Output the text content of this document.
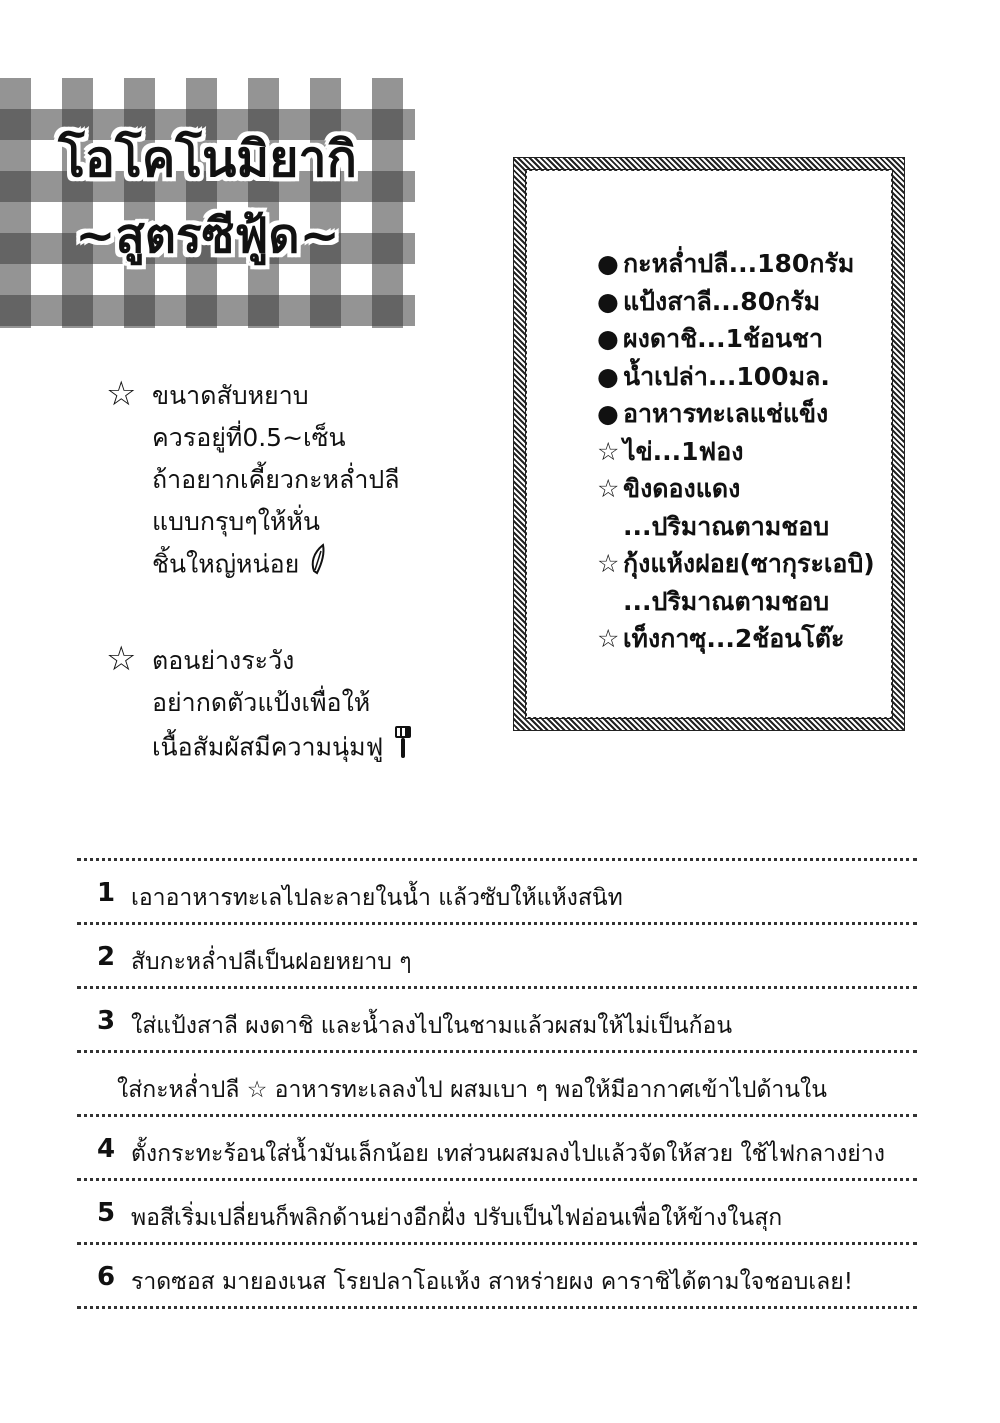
โอโคโนมิยากิ
~สูตรซีฟู้ด~
☆ ขนาดสับหยาบ
ควรอยู่ที่0.5~เซ็น
ถ้าอยากเคี้ยวกะหล่ำปลี
แบบกรุบๆให้หั่น
ชิ้นใหญ่หน่อย
☆ ตอนย่างระวัง
อย่ากดตัวแป้งเพื่อให้
เนื้อสัมผัสมีความนุ่มฟู
● กะหล่ำปลี...180กรัม
● แป้งสาลี...80กรัม
● ผงดาชิ...1ช้อนชา
● น้ำเปล่า...100มล.
● อาหารทะเลแช่แข็ง
☆ ไข่...1ฟอง
☆ ขิงดองแดง
...ปริมาณตามชอบ
☆ กุ้งแห้งฝอย(ซากุระเอบิ)
...ปริมาณตามชอบ
☆ เท็งกาซุ...2ช้อนโต๊ะ
1 เอาอาหารทะเลไปละลายในน้ำ แล้วซับให้แห้งสนิท
2 สับกะหล่ำปลีเป็นฝอยหยาบ ๆ
3 ใส่แป้งสาลี ผงดาชิ และน้ำลงไปในชามแล้วผสมให้ไม่เป็นก้อน
ใส่กะหล่ำปลี ☆ อาหารทะเลลงไป ผสมเบา ๆ พอให้มีอากาศเข้าไปด้านใน
4 ตั้งกระทะร้อนใส่น้ำมันเล็กน้อย เทส่วนผสมลงไปแล้วจัดให้สวย ใช้ไฟกลางย่าง
5 พอสีเริ่มเปลี่ยนก็พลิกด้านย่างอีกฝั่ง ปรับเป็นไฟอ่อนเพื่อให้ข้างในสุก
6 ราดซอส มายองเนส โรยปลาโอแห้ง สาหร่ายผง คาราชิได้ตามใจชอบเลย!
